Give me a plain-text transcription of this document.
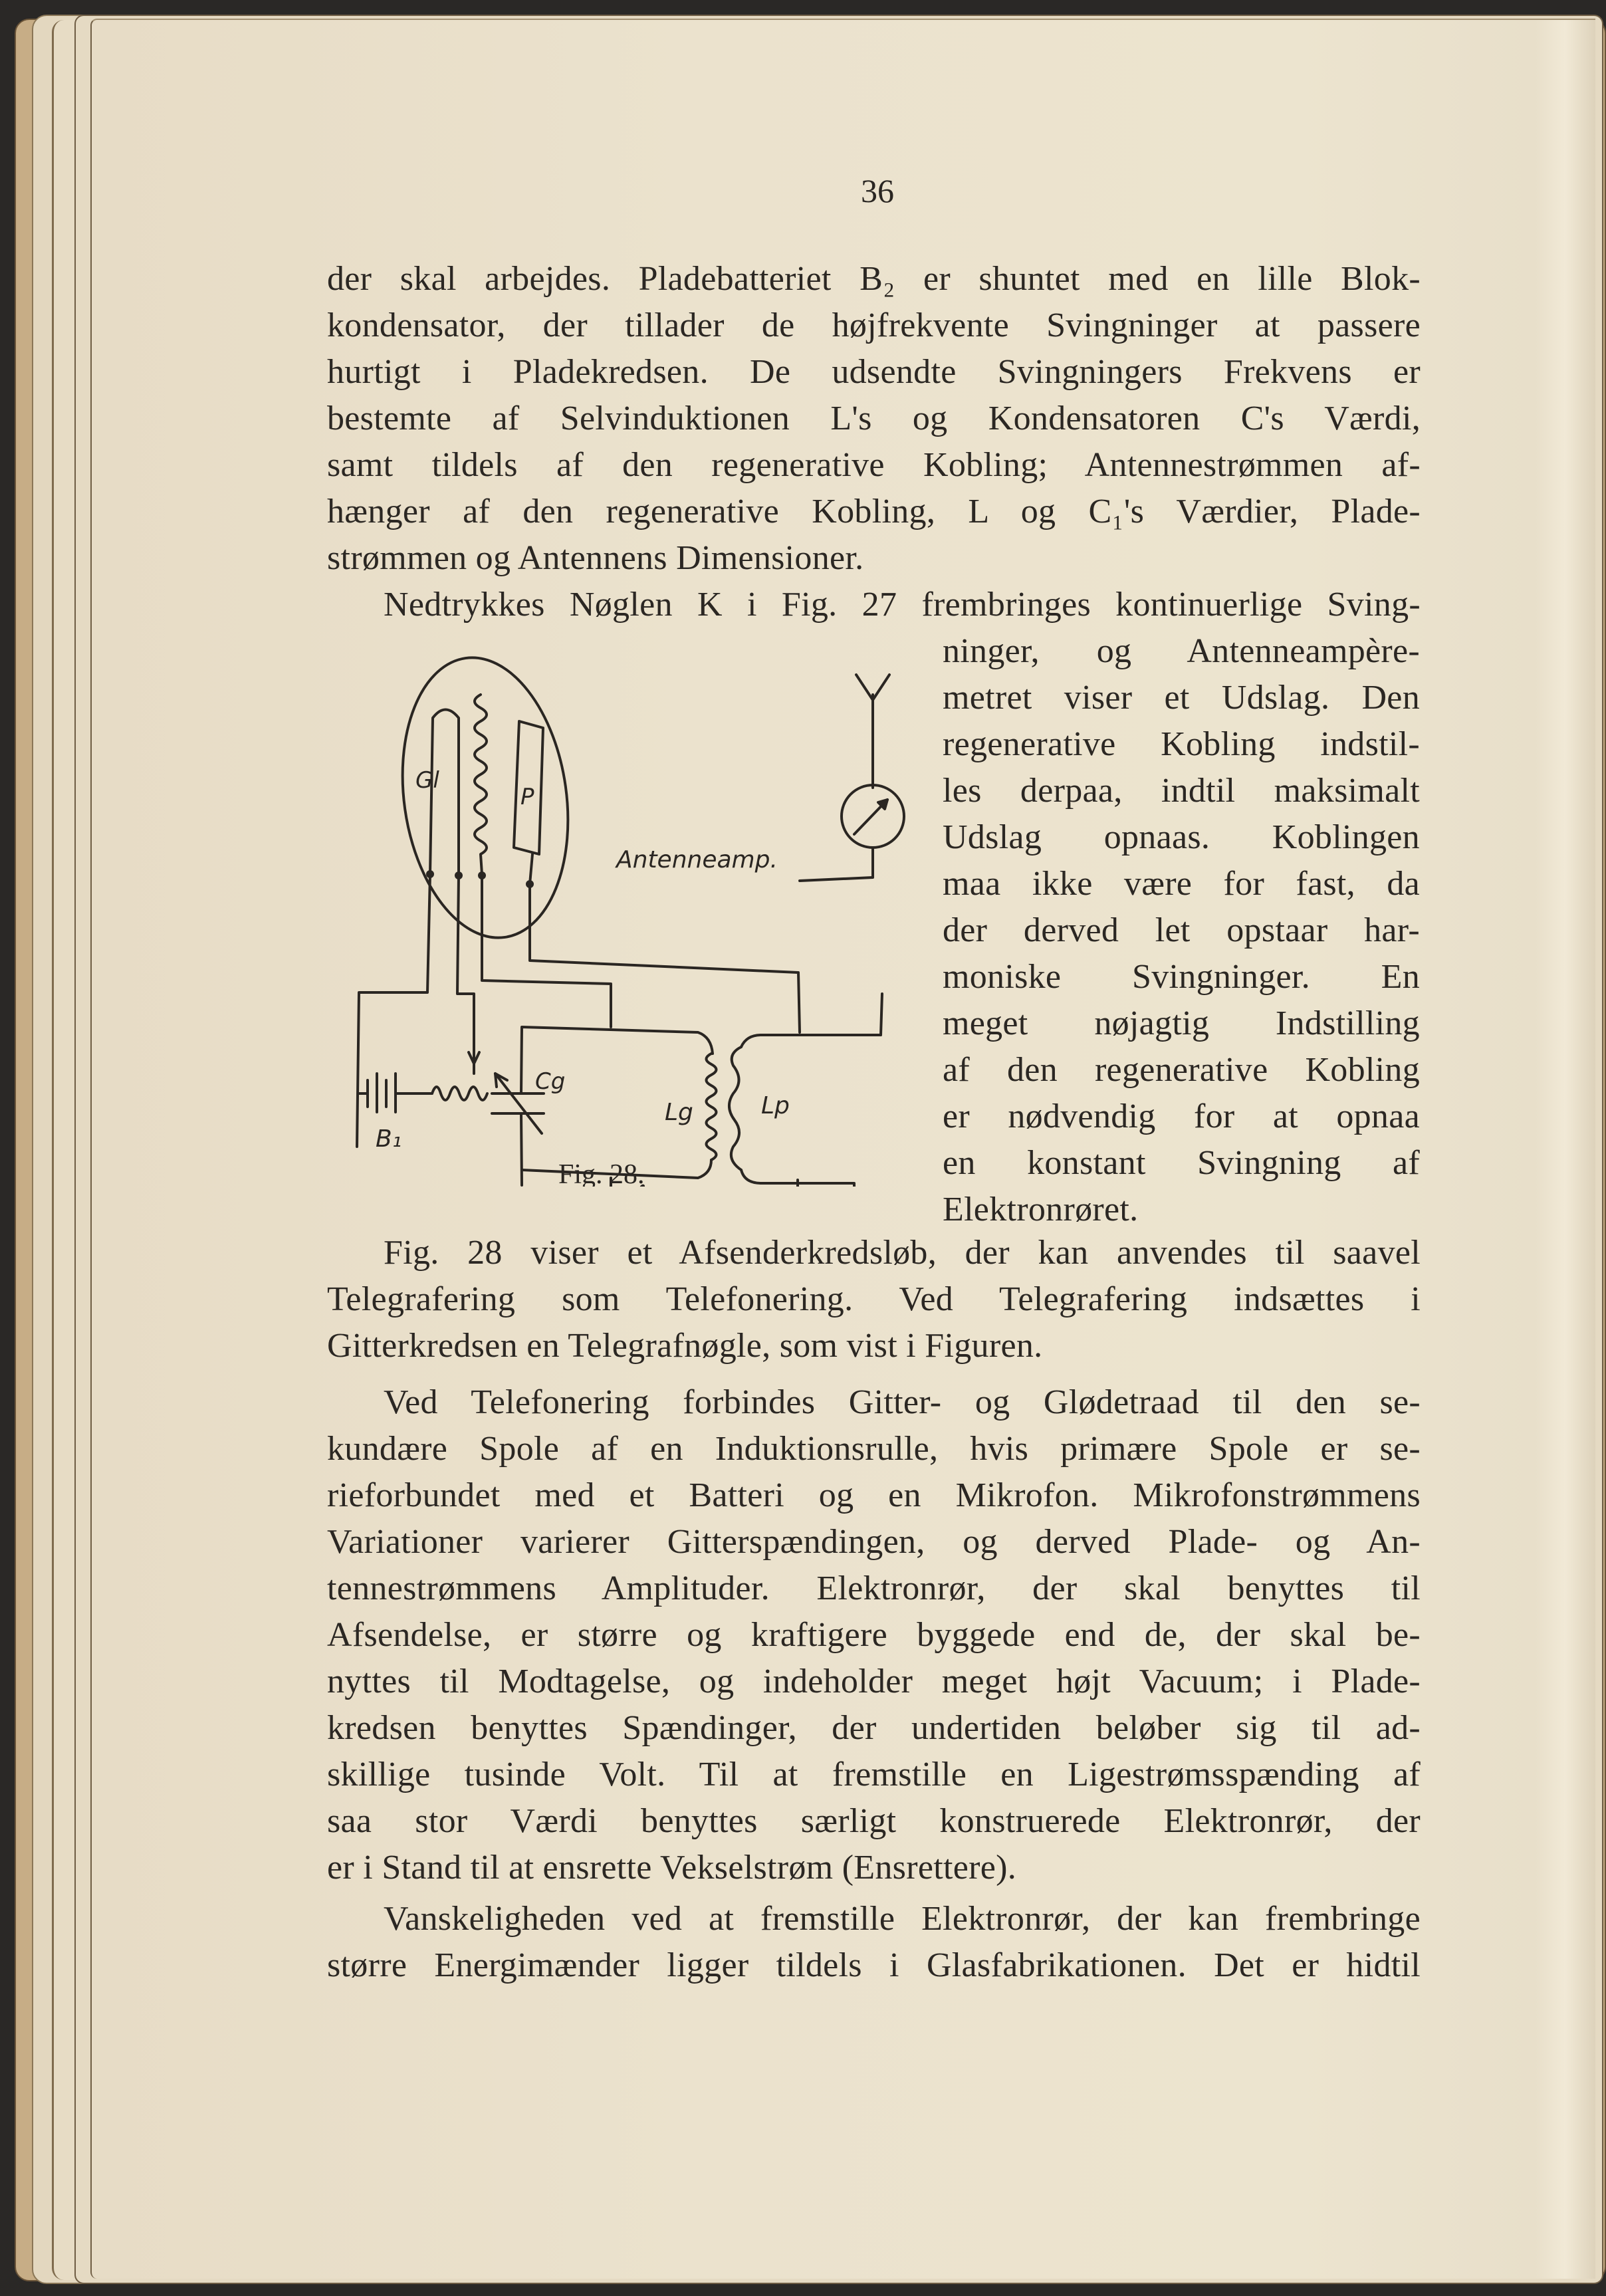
36
der skal arbejdes. Pladebatteriet B₂ er shuntet med en lille Blok-
kondensator, der tillader de højfrekvente Svingninger at passere
hurtigt i Pladekredsen. De udsendte Svingningers Frekvens er
bestemte af Selvinduktionen L's og Kondensatoren C's Værdi,
samt tildels af den regenerative Kobling; Antennestrømmen af-
hænger af den regenerative Kobling, L og C₁'s Værdier, Plade-
strømmen og Antennens Dimensioner.
Nedtrykkes Nøglen K i Fig. 27 frembringes kontinuerlige Sving-
ninger, og Antenneampère-
metret viser et Udslag. Den
regenerative Kobling indstil-
les derpaa, indtil maksimalt
Udslag opnaas. Koblingen
maa ikke være for fast, da
der derved let opstaar har-
moniske Svingninger. En
meget nøjagtig Indstilling
af den regenerative Kobling
er nødvendig for at opnaa
en konstant Svingning af
Elektronrøret.
Gl
P
Antenneamp.
Cg
Lg	Lp
B₁
Fig. 28.
Fig. 28 viser et Afsenderkredsløb, der kan anvendes til saavel
Telegrafering som Telefonering. Ved Telegrafering indsættes i
Gitterkredsen en Telegrafnøgle, som vist i Figuren.
Ved Telefonering forbindes Gitter- og Glødetraad til den se-
kundære Spole af en Induktionsrulle, hvis primære Spole er se-
rieforbundet med et Batteri og en Mikrofon. Mikrofonstrømmens
Variationer varierer Gitterspændingen, og derved Plade- og An-
tennestrømmens Amplituder. Elektronrør, der skal benyttes til
Afsendelse, er større og kraftigere byggede end de, der skal be-
nyttes til Modtagelse, og indeholder meget højt Vacuum; i Plade-
kredsen benyttes Spændinger, der undertiden beløber sig til ad-
skillige tusinde Volt. Til at fremstille en Ligestrømsspænding af
saa stor Værdi benyttes særligt konstruerede Elektronrør, der
er i Stand til at ensrette Vekselstrøm (Ensrettere).
Vanskeligheden ved at fremstille Elektronrør, der kan frembringe
større Energimænder ligger tildels i Glasfabrikationen. Det er hidtil
